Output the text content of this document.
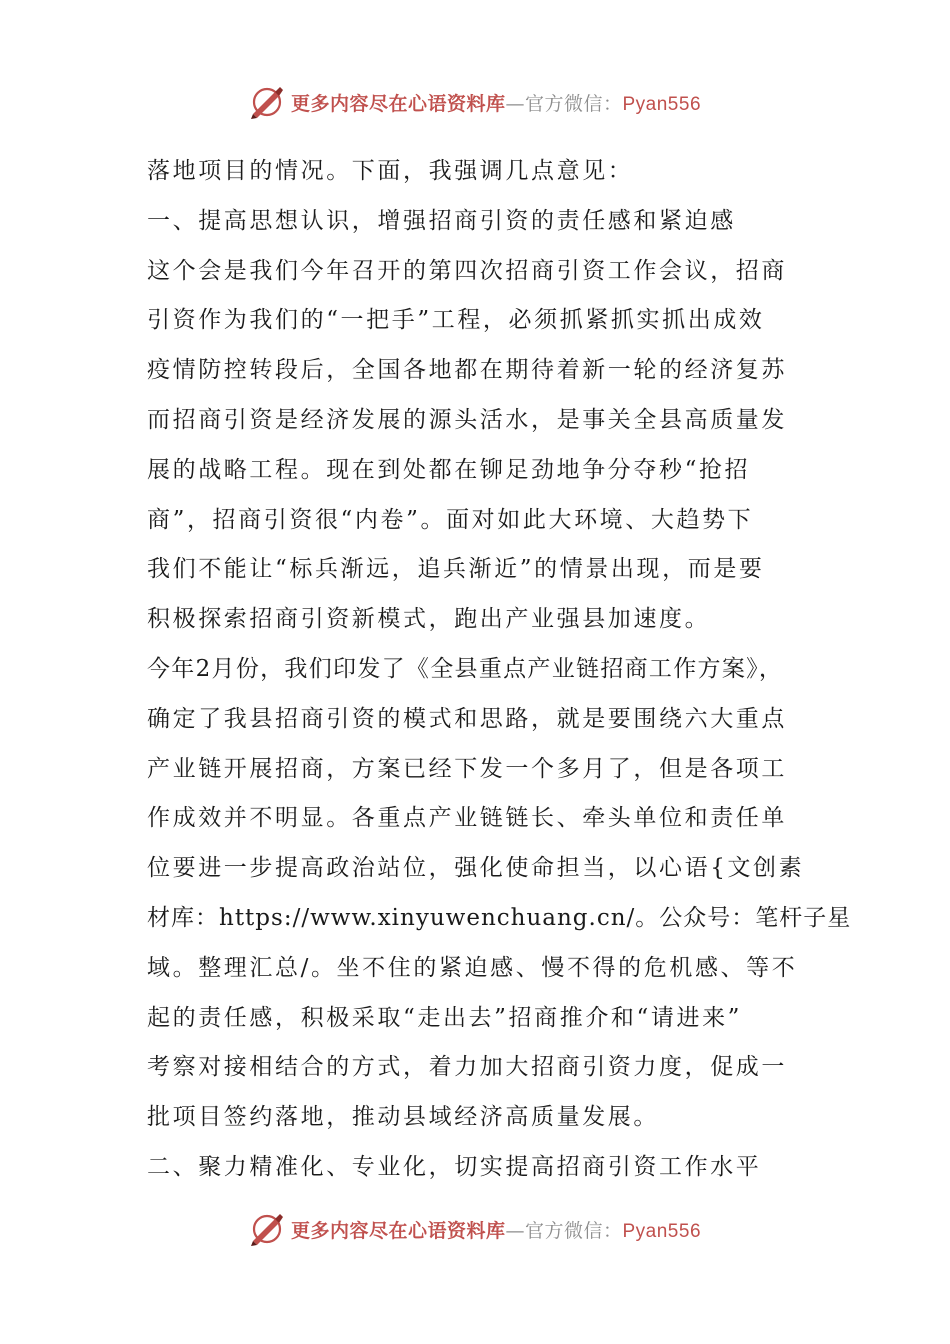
更多内容尽在心语资料库—官方微信：Pyan556
落地项目的情况。下面，我强调几点意见：
一、提高思想认识，增强招商引资的责任感和紧迫感
这个会是我们今年召开的第四次招商引资工作会议，招商
引资作为我们的“一把手”工程，必须抓紧抓实抓出成效
疫情防控转段后，全国各地都在期待着新一轮的经济复苏
而招商引资是经济发展的源头活水，是事关全县高质量发
展的战略工程。现在到处都在铆足劲地争分夺秒“抢招
商”，招商引资很“内卷”。面对如此大环境、大趋势下
我们不能让“标兵渐远，追兵渐近”的情景出现，而是要
积极探索招商引资新模式，跑出产业强县加速度。
今年2月份，我们印发了《全县重点产业链招商工作方案》，
确定了我县招商引资的模式和思路，就是要围绕六大重点
产业链开展招商，方案已经下发一个多月了，但是各项工
作成效并不明显。各重点产业链链长、牵头单位和责任单
位要进一步提高政治站位，强化使命担当，以心语{文创素
材库：https://www.xinyuwenchuang.cn/。公众号：笔杆子星
域。整理汇总/。坐不住的紧迫感、慢不得的危机感、等不
起的责任感，积极采取“走出去”招商推介和“请进来”
考察对接相结合的方式，着力加大招商引资力度，促成一
批项目签约落地，推动县域经济高质量发展。
二、聚力精准化、专业化，切实提高招商引资工作水平
更多内容尽在心语资料库—官方微信：Pyan556
